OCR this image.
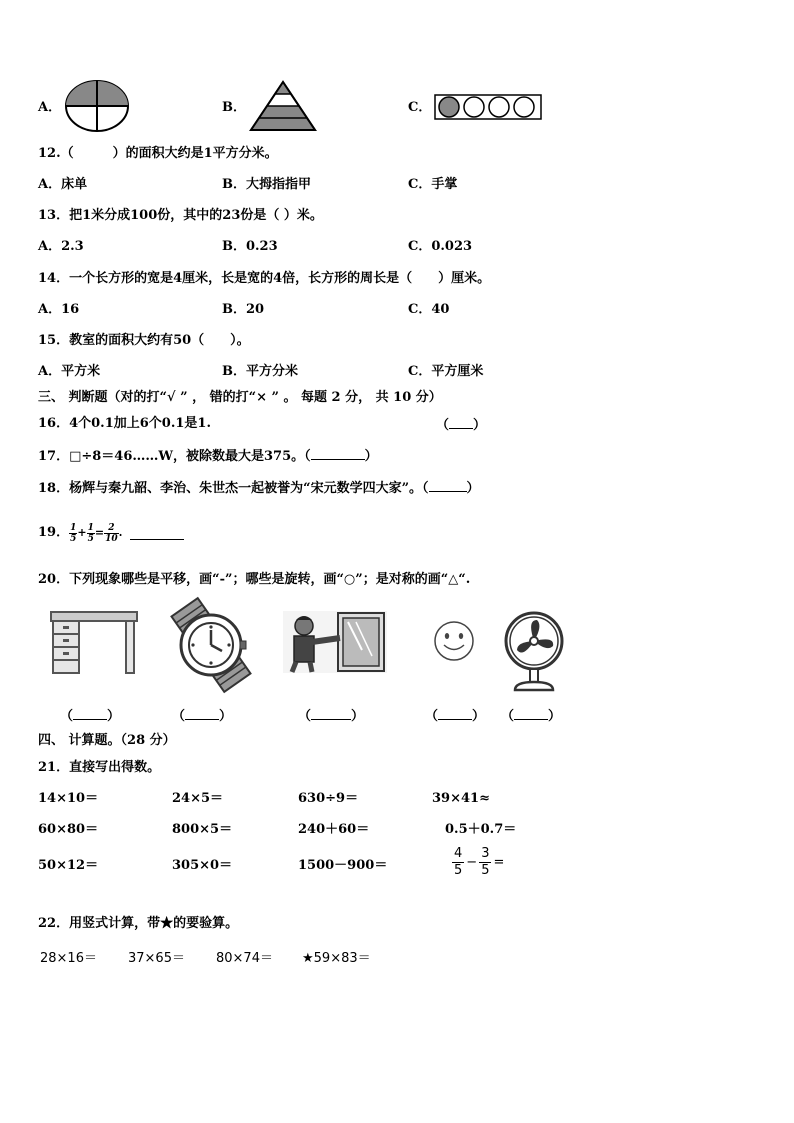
A．	B．	C．
12.（　　　）的面积大约是1平方分米。
A．床单	B．大拇指指甲	C．手掌
13．把1米分成100份，其中的23份是（ ）米。
A．2.3	B．0.23	C．0.023
14．一个长方形的宽是4厘米，长是宽的4倍，长方形的周长是（　　）厘米。
A．16	B．20	C．40
15．教室的面积大约有50（　　）。
A．平方米	B．平方分米	C．平方厘米
三、 判断题（对的打“√ ” ， 错的打“× ” 。 每题 2 分， 共 10 分）
16．4个0.1加上6个0.1是1.	（ ）
17．□÷8＝46……W，被除数最大是375。（	）
18．杨辉与秦九韶、李治、朱世杰一起被誉为“宋元数学四大家”。（	）
19． $\frac{1}{5} + \frac{1}{5} = \frac{2}{10}$ .
20．下列现象哪些是平移，画“-”；哪些是旋转，画“○”；是对称的画“△“.
（	）	（	）	（	）	（	） （	）
四、 计算题。（28 分）
21．直接写出得数。
14×10＝	24×5＝	630÷9＝	39×41≈
60×80＝	800×5＝	240＋60＝	0.5＋0.7＝
50×12＝	305×0＝	1500－900＝	$\frac{4}{5} - \frac{3}{5}$ =
22．用竖式计算，带★的要验算。
28×16＝ 37×65＝ 80×74＝ ★59×83＝
